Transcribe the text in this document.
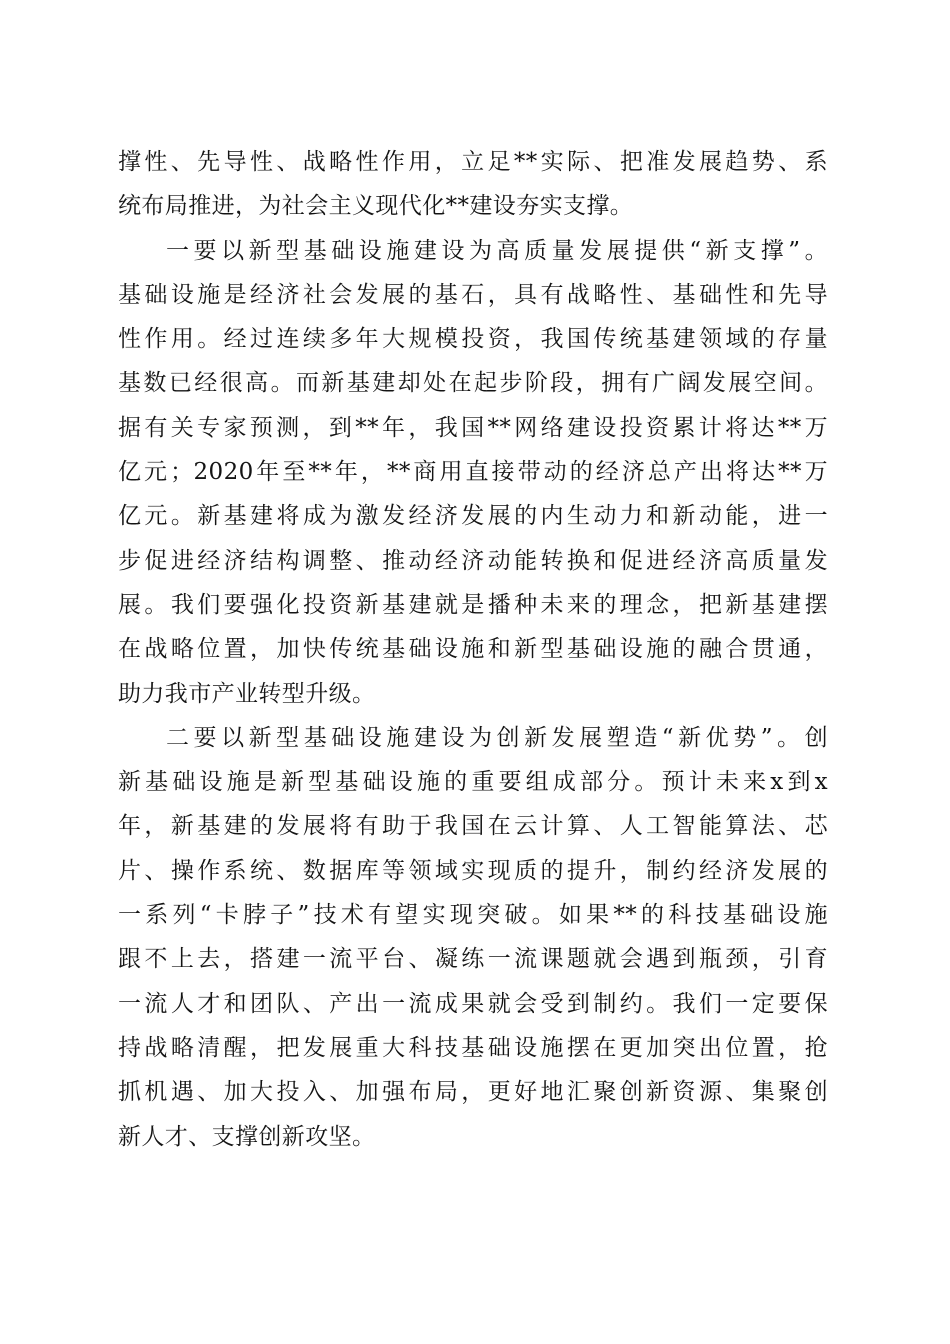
撑性、先导性、战略性作用，立足**实际、把准发展趋势、系
统布局推进，为社会主义现代化**建设夯实支撑。
一要以新型基础设施建设为高质量发展提供“新支撑”。
基础设施是经济社会发展的基石，具有战略性、基础性和先导
性作用。经过连续多年大规模投资，我国传统基建领域的存量
基数已经很高。而新基建却处在起步阶段，拥有广阔发展空间。
据有关专家预测，到**年，我国**网络建设投资累计将达**万
亿元；2020年至**年，**商用直接带动的经济总产出将达**万
亿元。新基建将成为激发经济发展的内生动力和新动能，进一
步促进经济结构调整、推动经济动能转换和促进经济高质量发
展。我们要强化投资新基建就是播种未来的理念，把新基建摆
在战略位置，加快传统基础设施和新型基础设施的融合贯通，
助力我市产业转型升级。
二要以新型基础设施建设为创新发展塑造“新优势”。创
新基础设施是新型基础设施的重要组成部分。预计未来x到x
年，新基建的发展将有助于我国在云计算、人工智能算法、芯
片、操作系统、数据库等领域实现质的提升，制约经济发展的
一系列“卡脖子”技术有望实现突破。如果**的科技基础设施
跟不上去，搭建一流平台、凝练一流课题就会遇到瓶颈，引育
一流人才和团队、产出一流成果就会受到制约。我们一定要保
持战略清醒，把发展重大科技基础设施摆在更加突出位置，抢
抓机遇、加大投入、加强布局，更好地汇聚创新资源、集聚创
新人才、支撑创新攻坚。
